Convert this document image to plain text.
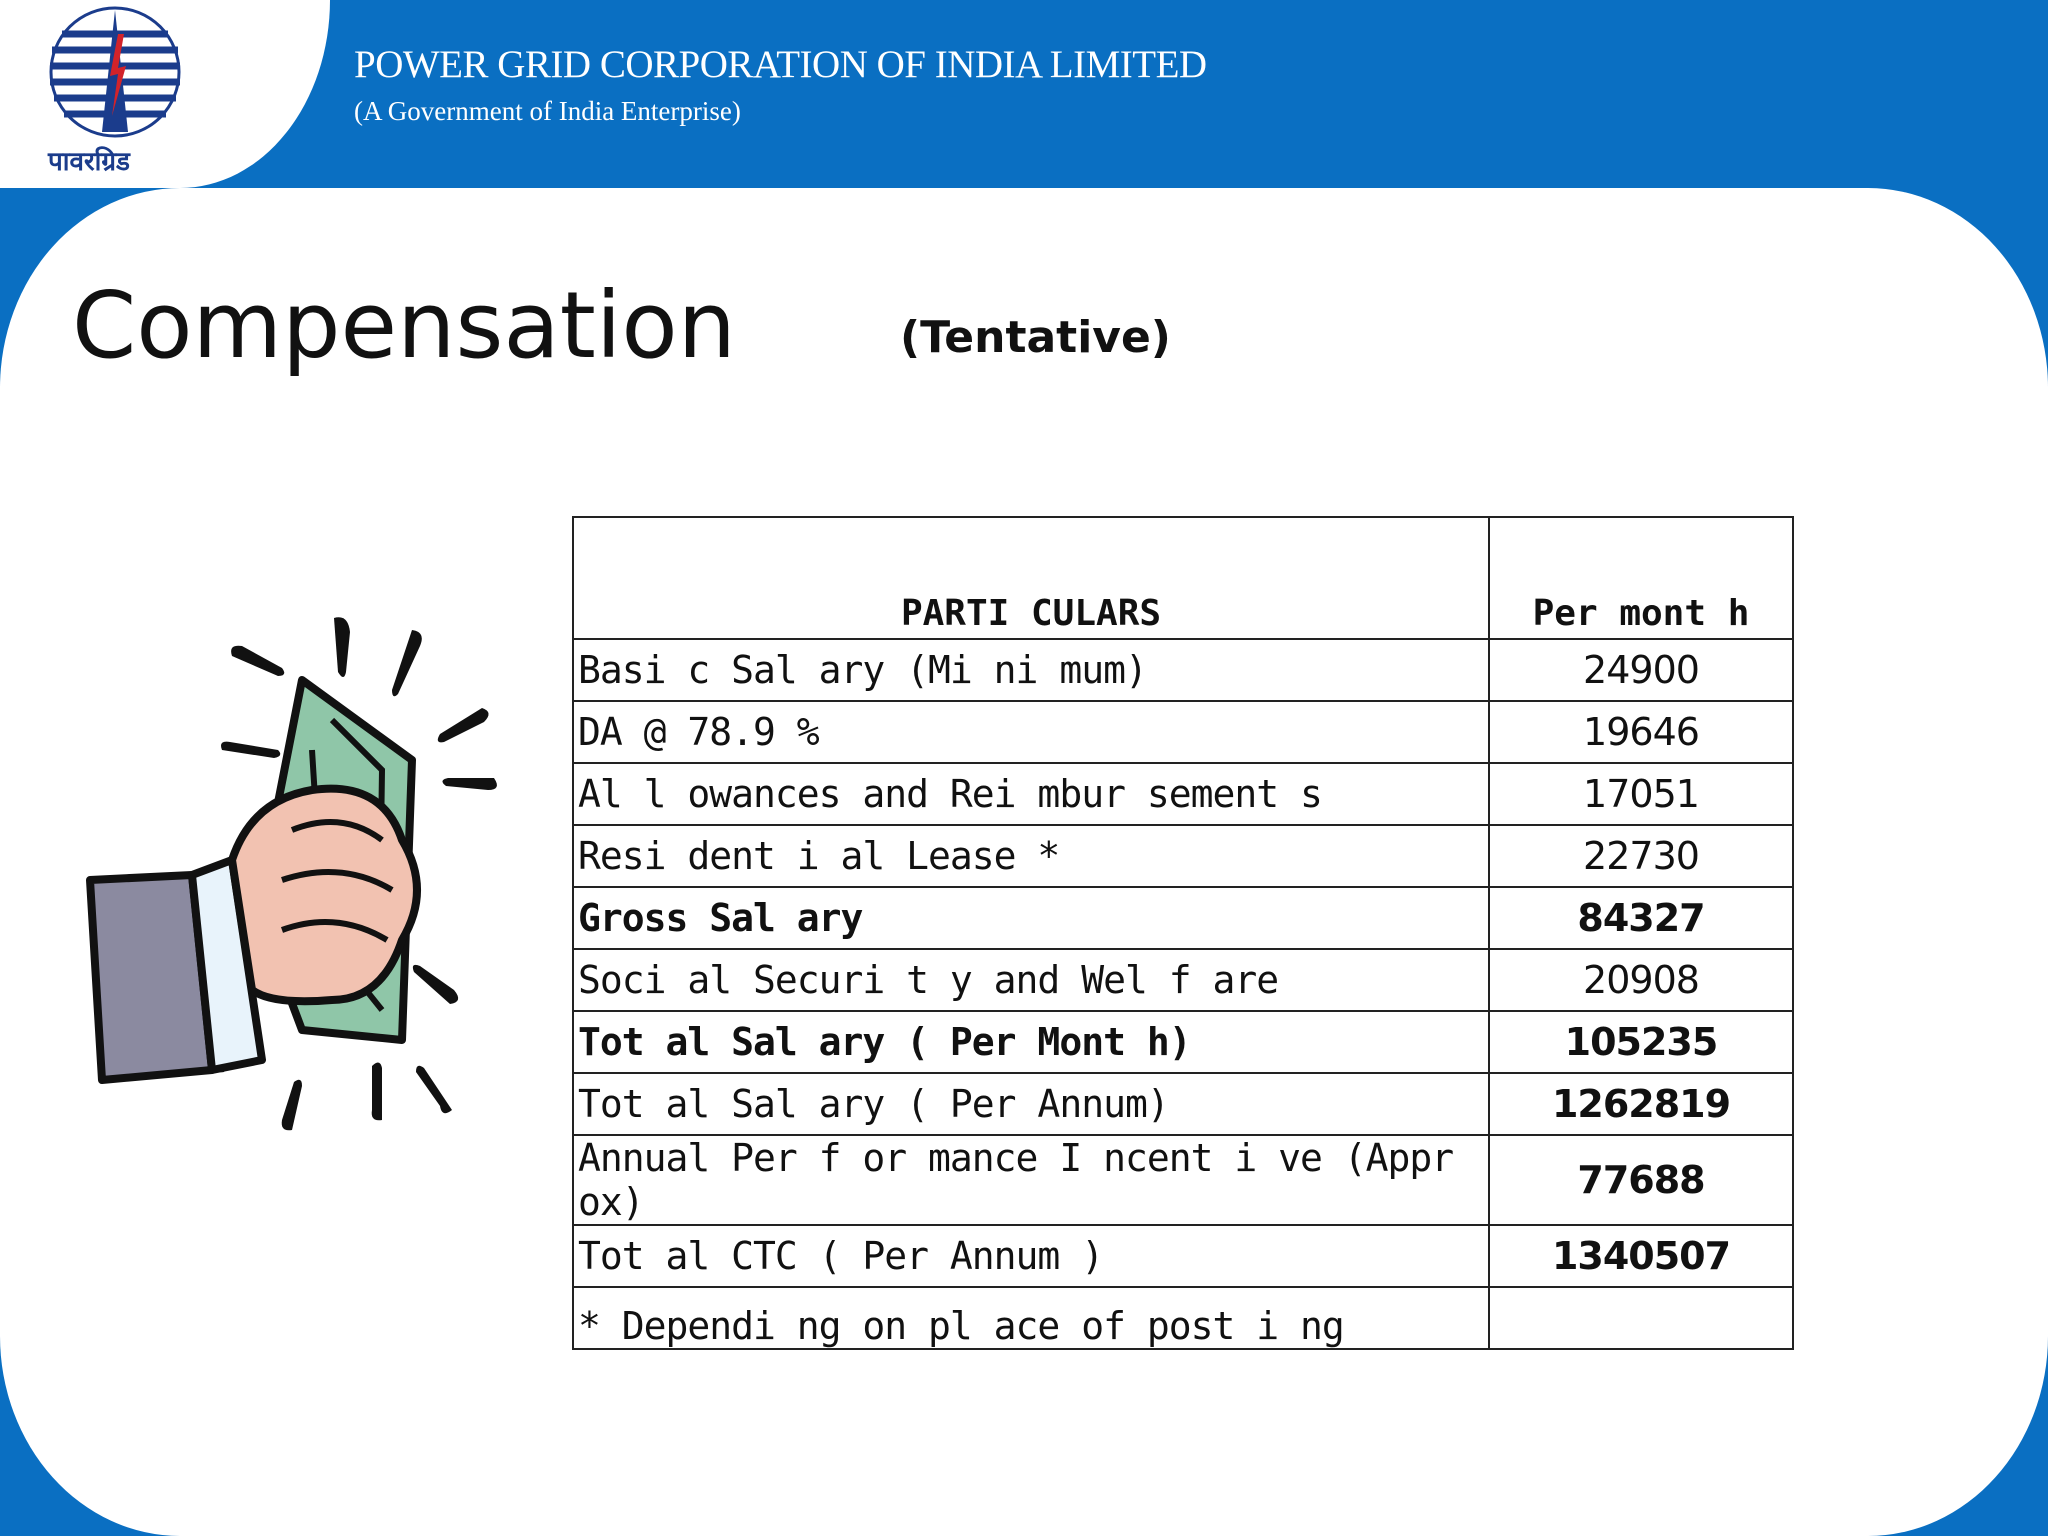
पावरग्रिड
POWER GRID CORPORATION OF INDIA LIMITED
(A Government of India Enterprise)
Compensation	(Tentative)
PARTI CULARS	Per mont h
Basi c Sal ary (Mi ni mum)	24900
DA @ 78.9 %	19646
Al l owances and Rei mbur sement s	17051
Resi dent i al Lease *	22730
Gross Sal ary	84327
Soci al Securi t y and Wel f are	20908
Tot al Sal ary ( Per Mont h)	105235
Tot al Sal ary ( Per Annum)	1262819
Annual Per f or mance I ncent i ve (Appr ox)	77688
Tot al CTC ( Per Annum )	1340507
* Dependi ng on pl ace of post i ng	
